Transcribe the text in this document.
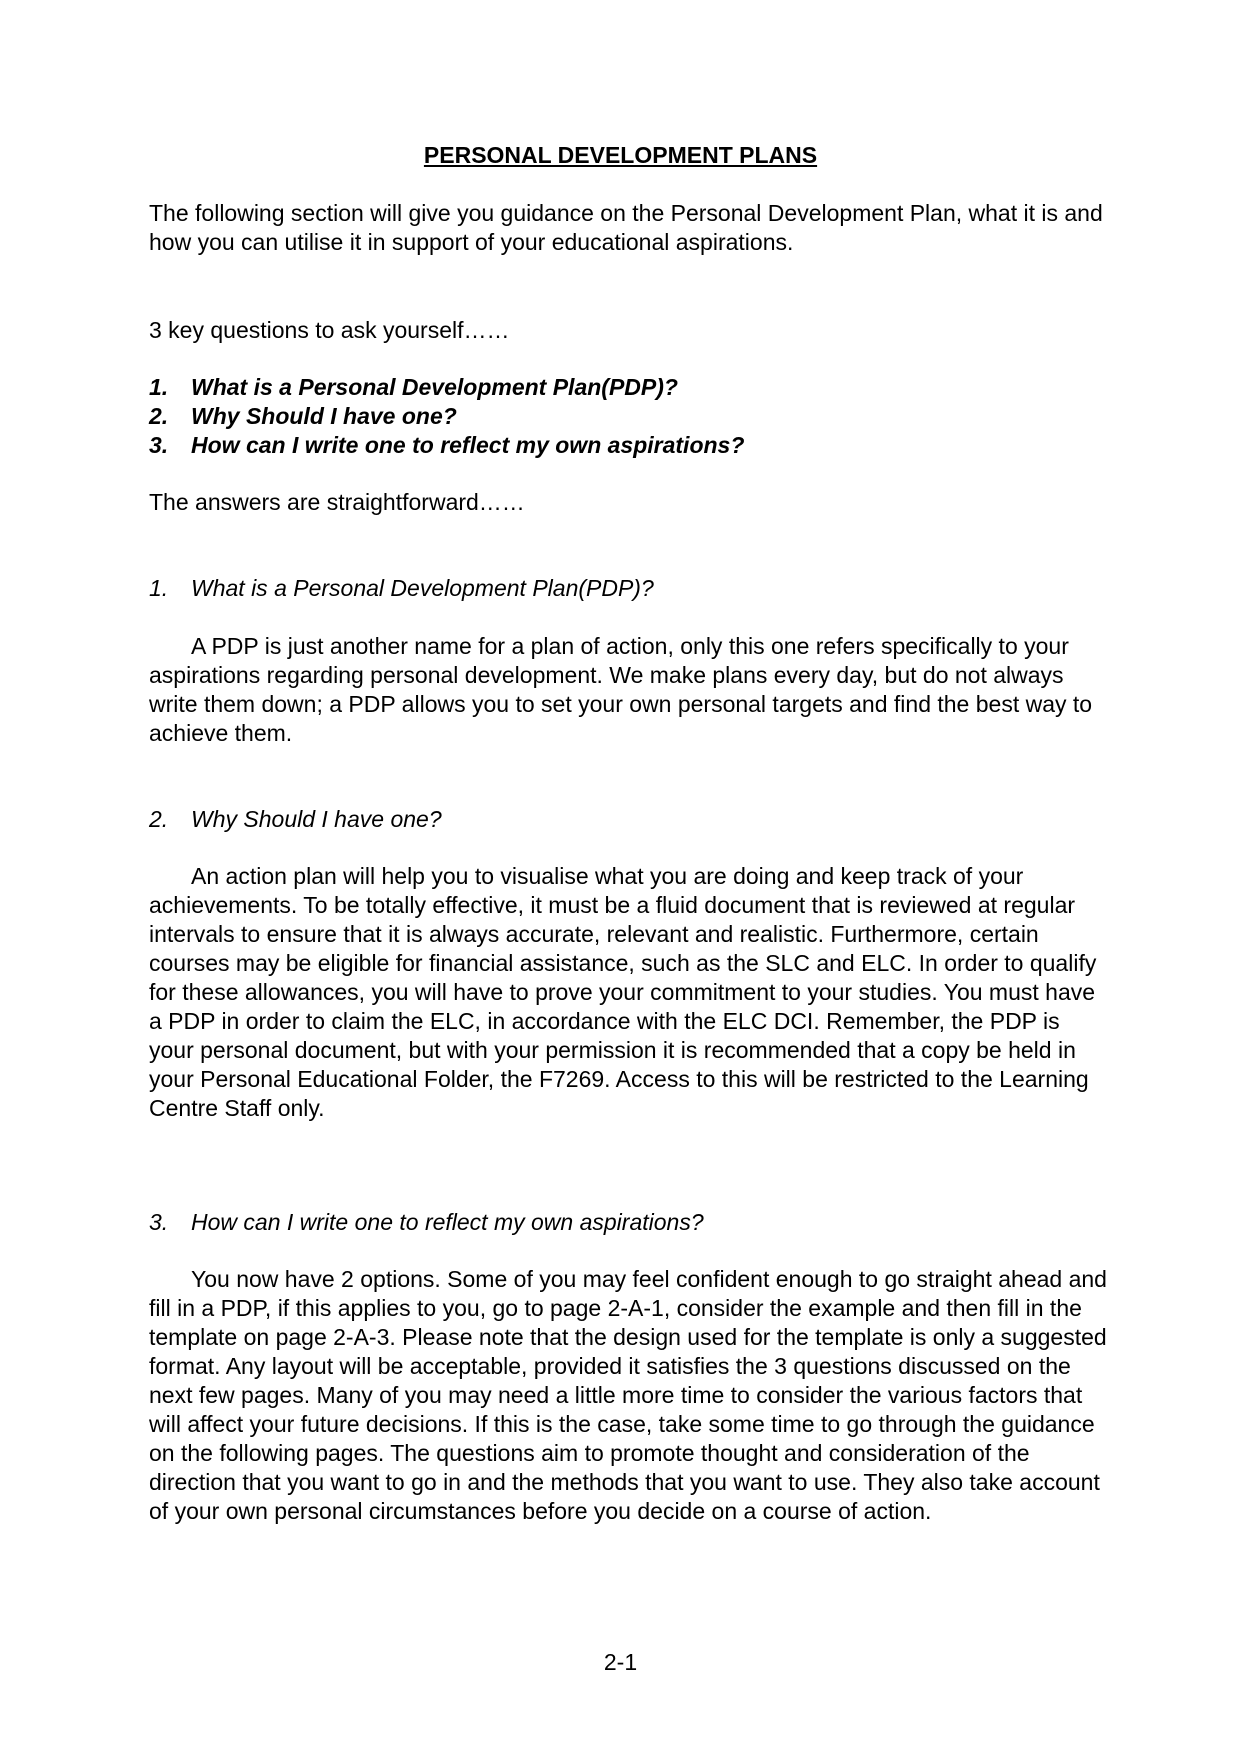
PERSONAL DEVELOPMENT PLANS

The following section will give you guidance on the Personal Development Plan, what it is and how you can utilise it in support of your educational aspirations.

3 key questions to ask yourself……

1. What is a Personal Development Plan(PDP)?
2. Why Should I have one?
3. How can I write one to reflect my own aspirations?

The answers are straightforward……

1. What is a Personal Development Plan(PDP)?

A PDP is just another name for a plan of action, only this one refers specifically to your aspirations regarding personal development. We make plans every day, but do not always write them down; a PDP allows you to set your own personal targets and find the best way to achieve them.

2. Why Should I have one?

An action plan will help you to visualise what you are doing and keep track of your achievements. To be totally effective, it must be a fluid document that is reviewed at regular intervals to ensure that it is always accurate, relevant and realistic. Furthermore, certain courses may be eligible for financial assistance, such as the SLC and ELC. In order to qualify for these allowances, you will have to prove your commitment to your studies. You must have a PDP in order to claim the ELC, in accordance with the ELC DCI. Remember, the PDP is your personal document, but with your permission it is recommended that a copy be held in your Personal Educational Folder, the F7269. Access to this will be restricted to the Learning Centre Staff only.

3. How can I write one to reflect my own aspirations?

You now have 2 options. Some of you may feel confident enough to go straight ahead and fill in a PDP, if this applies to you, go to page 2-A-1, consider the example and then fill in the template on page 2-A-3. Please note that the design used for the template is only a suggested format. Any layout will be acceptable, provided it satisfies the 3 questions discussed on the next few pages. Many of you may need a little more time to consider the various factors that will affect your future decisions. If this is the case, take some time to go through the guidance on the following pages. The questions aim to promote thought and consideration of the direction that you want to go in and the methods that you want to use. They also take account of your own personal circumstances before you decide on a course of action.

2-1
